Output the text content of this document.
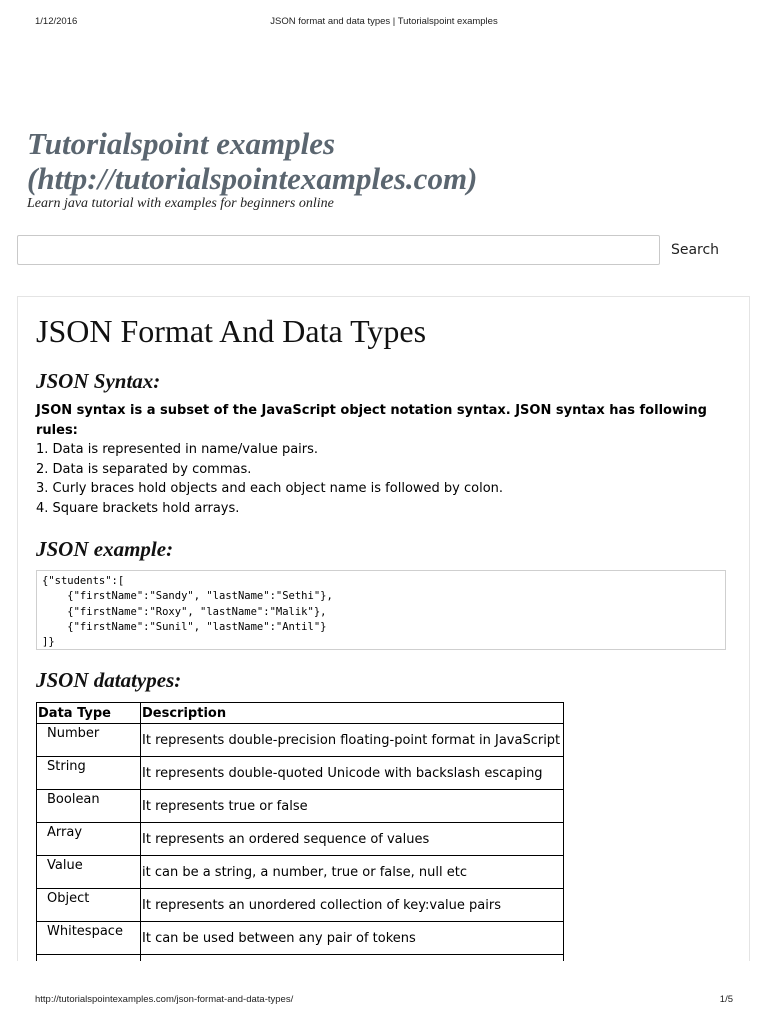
1/12/2016	JSON format and data types | Tutorialspoint examples
Tutorialspoint examples
(http://tutorialspointexamples.com)
Learn java tutorial with examples for beginners online
Search
JSON Format And Data Types
JSON Syntax:
JSON syntax is a subset of the JavaScript object notation syntax. JSON syntax has following rules:
1. Data is represented in name/value pairs.
2. Data is separated by commas.
3. Curly braces hold objects and each object name is followed by colon.
4. Square brackets hold arrays.
JSON example:
{"students":[
{"firstName":"Sandy", "lastName":"Sethi"},
{"firstName":"Roxy", "lastName":"Malik"},
{"firstName":"Sunil", "lastName":"Antil"}
]}
JSON datatypes:
Data Type	Description
Number	It represents double-precision floating-point format in JavaScript
String	It represents double-quoted Unicode with backslash escaping
Boolean	It represents true or false
Array	It represents an ordered sequence of values
Value	it can be a string, a number, true or false, null etc
Object	It represents an unordered collection of key:value pairs
Whitespace	It can be used between any pair of tokens

http://tutorialspointexamples.com/json-format-and-data-types/	1/5
